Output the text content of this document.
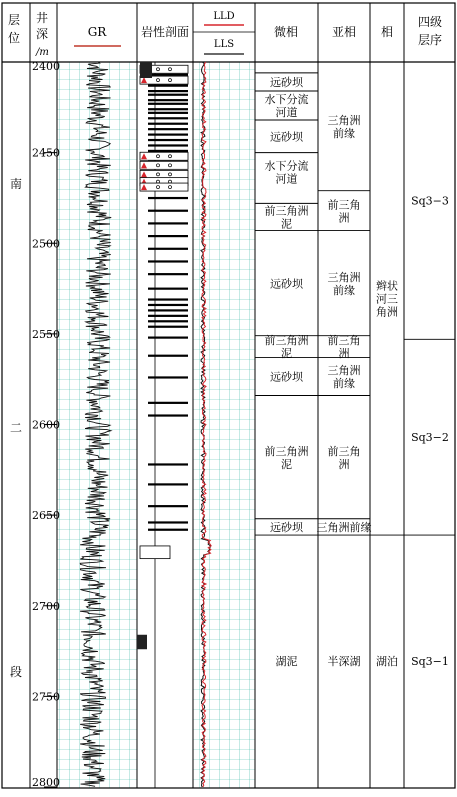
层
位
井
深
/m
GR	岩性剖面
LLD
LLS
微相	亚相 相
四级
层序
南
二
段
2400
2450
2500
2550
2600
2650
2700
2750
2800
远砂坝
水下分流
河道
远砂坝
水下分流
河道
前三角洲
泥
远砂坝
前三角洲
泥
远砂坝
前三角洲
泥
远砂坝
湖泥
三角洲
前缘
前三角
洲
三角洲
前缘
前三角
洲
三角洲
前缘
前三角
洲
三角洲前缘
半深湖
辫状
河三
角洲
湖泊
Sq3−3
Sq3−2
Sq3−1
